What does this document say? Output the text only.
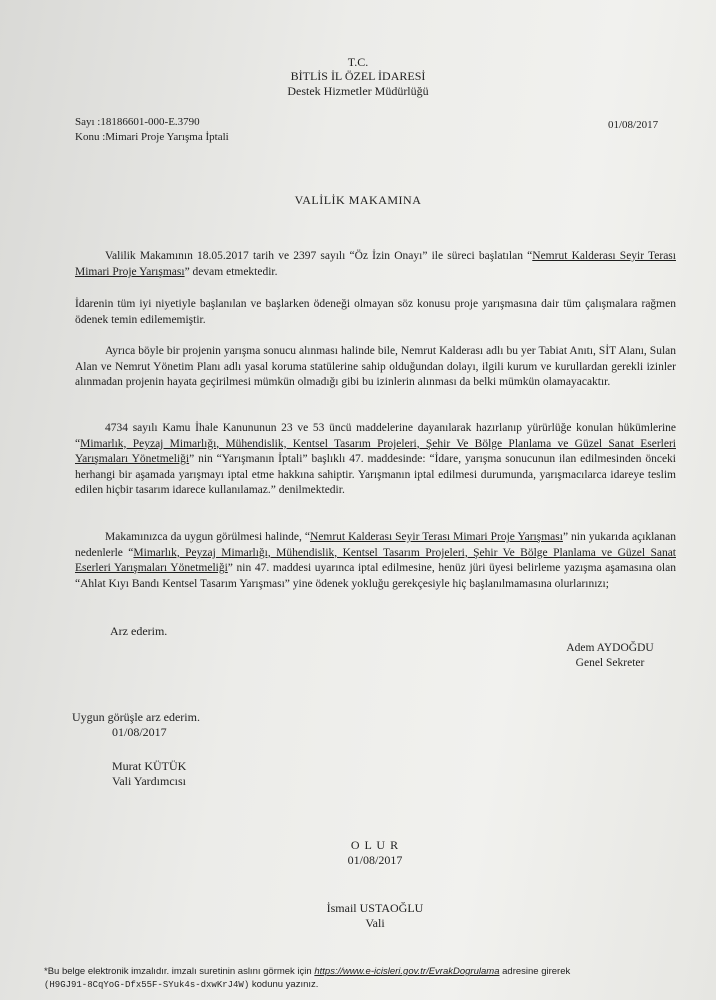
T.C.
BİTLİS İL ÖZEL İDARESİ
Destek Hizmetler Müdürlüğü
Sayı :18186601-000-E.3790
Konu :Mimari Proje Yarışma İptali
01/08/2017
VALİLİK MAKAMINA
Valilik Makamının 18.05.2017 tarih ve 2397 sayılı “Öz İzin Onayı” ile süreci başlatılan “Nemrut Kalderası Seyir Terası Mimari Proje Yarışması” devam etmektedir.
İdarenin tüm iyi niyetiyle başlanılan ve başlarken ödeneği olmayan söz konusu proje yarışmasına dair tüm çalışmalara rağmen ödenek temin edilememiştir.
Ayrıca böyle bir projenin yarışma sonucu alınması halinde bile, Nemrut Kalderası adlı bu yer Tabiat Anıtı, SİT Alanı, Sulan Alan ve Nemrut Yönetim Planı adlı yasal koruma statülerine sahip olduğundan dolayı, ilgili kurum ve kurullardan gerekli izinler alınmadan projenin hayata geçirilmesi mümkün olmadığı gibi bu izinlerin alınması da belki mümkün olamayacaktır.
4734 sayılı Kamu İhale Kanununun 23 ve 53 üncü maddelerine dayanılarak hazırlanıp yürürlüğe konulan hükümlerine “Mimarlık, Peyzaj Mimarlığı, Mühendislik, Kentsel Tasarım Projeleri, Şehir Ve Bölge Planlama ve Güzel Sanat Eserleri Yarışmaları Yönetmeliği” nin “Yarışmanın İptali” başlıklı 47. maddesinde: “İdare, yarışma sonucunun ilan edilmesinden önceki herhangi bir aşamada yarışmayı iptal etme hakkına sahiptir. Yarışmanın iptal edilmesi durumunda, yarışmacılarca idareye teslim edilen hiçbir tasarım idarece kullanılamaz.” denilmektedir.
Makamınızca da uygun görülmesi halinde, “Nemrut Kalderası Seyir Terası Mimari Proje Yarışması” nin yukarıda açıklanan nedenlerle “Mimarlık, Peyzaj Mimarlığı, Mühendislik, Kentsel Tasarım Projeleri, Şehir Ve Bölge Planlama ve Güzel Sanat Eserleri Yarışmaları Yönetmeliği” nin 47. maddesi uyarınca iptal edilmesine, henüz jüri üyesi belirleme yazışma aşamasına olan “Ahlat Kıyı Bandı Kentsel Tasarım Yarışması” yine ödenek yokluğu gerekçesiyle hiç başlanılmamasına olurlarınızı;
Arz ederim.
Adem AYDOĞDU
Genel Sekreter
Uygun görüşle arz ederim.
01/08/2017
Murat KÜTÜK
Vali Yardımcısı
O L U R
01/08/2017
İsmail USTAOĞLU
Vali
*Bu belge elektronik imzalıdır. imzalı suretinin aslını görmek için https://www.e-icisleri.gov.tr/EvrakDogrulama adresine girerek
(H9GJ91-8CqYoG-Dfx55F-SYuk4s-dxwKrJ4W) kodunu yazınız.
